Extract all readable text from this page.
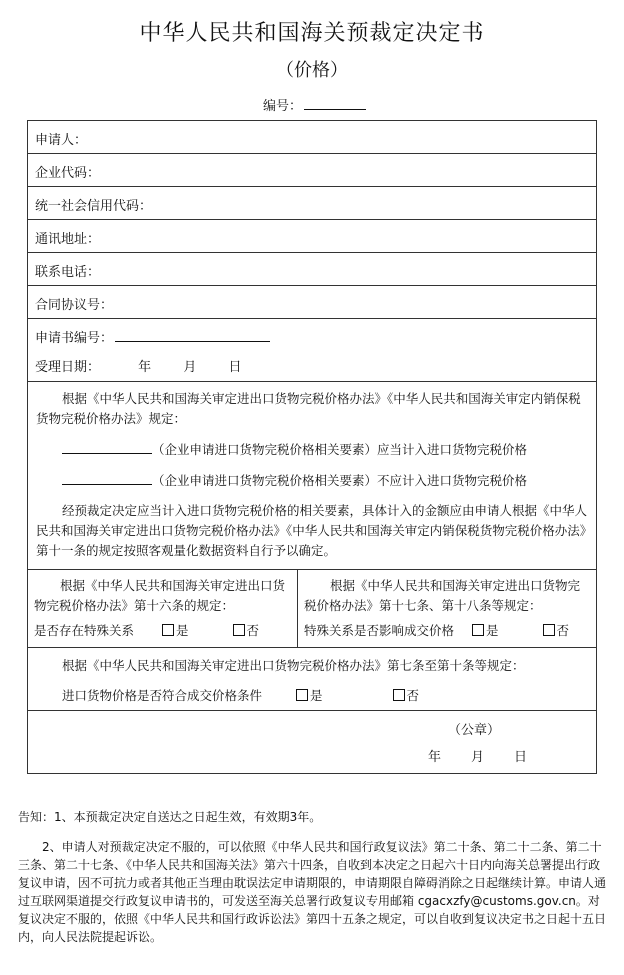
中华人民共和国海关预裁定决定书
（价格）
编号：
申请人：
企业代码：
统一社会信用代码：
通讯地址：
联系电话：
合同协议号：
申请书编号：
受理日期：	年 月 日

根据《中华人民共和国海关审定进出口货物完税价格办法》《中华人民共和国海关审定内销保税货物完税价格办法》规定：

（企业申请进口货物完税价格相关要素）应当计入进口货物完税价格

（企业申请进口货物完税价格相关要素）不应计入进口货物完税价格

经预裁定决定应当计入进口货物完税价格的相关要素，具体计入的金额应由申请人根据《中华人民共和国海关审定进出口货物完税价格办法》《中华人民共和国海关审定内销保税货物完税价格办法》第十一条的规定按照客观量化数据资料自行予以确定。

根据《中华人民共和国海关审定进出口货物完税价格办法》第十六条的规定：
是否存在特殊关系	是	否
根据《中华人民共和国海关审定进出口货物完税价格办法》第十七条、第十八条等规定：
特殊关系是否影响成交价格	是	否
根据《中华人民共和国海关审定进出口货物完税价格办法》第七条至第十条等规定：
进口货物价格是否符合成交价格条件	是	否
（公章）
年 月 日

告知：1、本预裁定决定自送达之日起生效，有效期3年。

2、申请人对预裁定决定不服的，可以依照《中华人民共和国行政复议法》第二十条、第二十二条、第二十三条、第二十七条、《中华人民共和国海关法》第六十四条，自收到本决定之日起六十日内向海关总署提出行政复议申请，因不可抗力或者其他正当理由耽误法定申请期限的，申请期限自障碍消除之日起继续计算。申请人通过互联网渠道提交行政复议申请书的，可发送至海关总署行政复议专用邮箱 cgacxzfy@customs.gov.cn。对复议决定不服的，依照《中华人民共和国行政诉讼法》第四十五条之规定，可以自收到复议决定书之日起十五日内，向人民法院提起诉讼。
